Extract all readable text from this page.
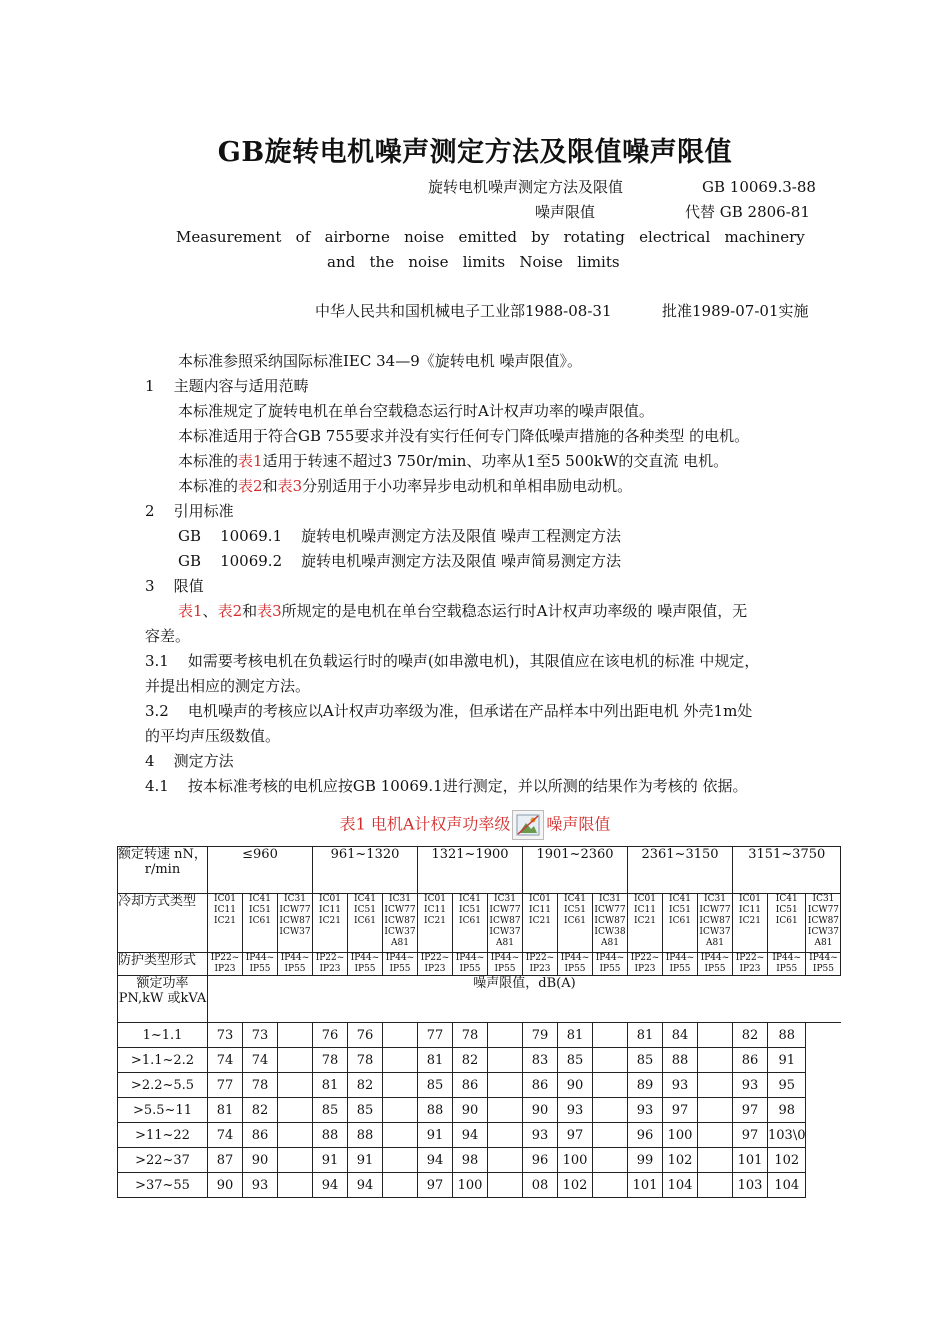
GB旋转电机噪声测定方法及限值噪声限值
旋转电机噪声测定方法及限值	GB 10069.3-88
噪声限值	代替 GB 2806-81
Measurement   of   airborne   noise   emitted   by   rotating   electrical   machinery
and   the   noise   limits   Noise   limits
中华人民共和国机械电子工业部1988-08-31	批准1989-07-01实施
本标准参照采纳国际标准IEC 34—9《旋转电机 噪声限值》。
1    主题内容与适用范畴
本标准规定了旋转电机在单台空载稳态运行时A计权声功率的噪声限值。
本标准适用于符合GB 755要求并没有实行任何专门降低噪声措施的各种类型 的电机。
本标准的表1适用于转速不超过3 750r/min、功率从1至5 500kW的交直流 电机。
本标准的表2和表3分别适用于小功率异步电动机和单相串励电动机。
2    引用标准
GB    10069.1    旋转电机噪声测定方法及限值 噪声工程测定方法
GB    10069.2    旋转电机噪声测定方法及限值 噪声简易测定方法
3    限值
表1、表2和表3所规定的是电机在单台空载稳态运行时A计权声功率级的 噪声限值，无
容差。
3.1    如需要考核电机在负载运行时的噪声(如串激电机)，其限值应在该电机的标准 中规定，
并提出相应的测定方法。
3.2    电机噪声的考核应以A计权声功率级为准，但承诺在产品样本中列出距电机 外壳1m处
的平均声压级数值。
4    测定方法
4.1    按本标准考核的电机应按GB 10069.1进行测定，并以所测的结果作为考核的 依据。
表1 电机A计权声功率级 噪声限值
额定转速 nN，r/min	≤960			961~1320			1321~1900			1901~2360			2361~3150			3151~3750		
冷却方式类型	IC01 IC11 IC21	IC41 IC51 IC61	IC31 ICW77 ICW87 ICW37	IC01 IC11 IC21	IC41 IC51 IC61	IC31 ICW77 ICW87 ICW37 A81	IC01 IC11 IC21	IC41 IC51 IC61	IC31 ICW77 ICW87 ICW37 A81	IC01 IC11 IC21	IC41 IC51 IC61	IC31 ICW77 ICW87 ICW38 A81	IC01 IC11 IC21	IC41 IC51 IC61	IC31 ICW77 ICW87 ICW37 A81	IC01 IC11 IC21	IC41 IC51 IC61	IC31 ICW77 ICW87 ICW37 A81
防护类型形式	IP22~ IP23	IP44~ IP55	IP44~ IP55	IP22~ IP23	IP44~ IP55	IP44~ IP55	IP22~ IP23	IP44~ IP55	IP44~ IP55	IP22~ IP23	IP44~ IP55	IP44~ IP55	IP22~ IP23	IP44~ IP55	IP44~ IP55	IP22~ IP23	IP44~ IP55	IP44~ IP55
额定功率 PN,kW 或kVA	噪声限值，dB(A)																	
1~1.1	73	73		76	76		77	78		79	81		81	84		82	88	
>1.1~2.2	74	74		78	78		81	82		83	85		85	88		86	91	
>2.2~5.5	77	78		81	82		85	86		86	90		89	93		93	95	
>5.5~11	81	82		85	85		88	90		90	93		93	97		97	98	
>11~22	74	86		88	88		91	94		93	97		96	100		97	103\0	
>22~37	87	90		91	91		94	98		96	100		99	102		101	102	
>37~55	90	93		94	94		97	100		08	102		101	104		103	104	
